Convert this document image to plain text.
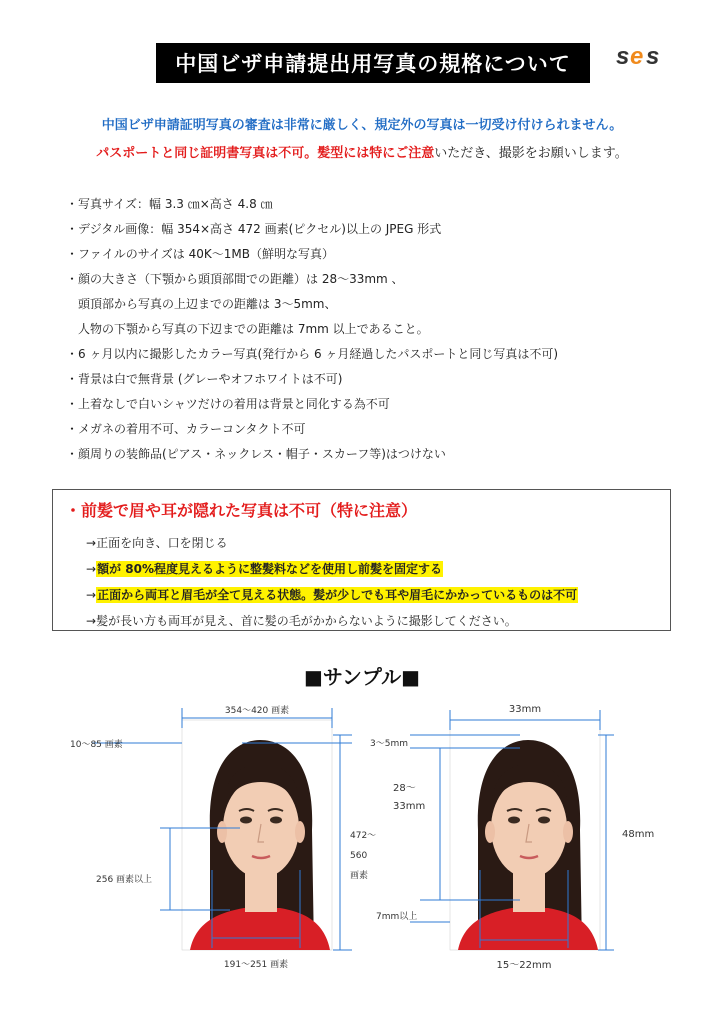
中国ビザ申請提出用写真の規格について	s e s
中国ビザ申請証明写真の審査は非常に厳しく、規定外の写真は一切受け付けられません。
パスポートと同じ証明書写真は不可。髪型には特にご注意いただき、撮影をお願いします。
・写真サイズ：幅 3.3 ㎝×高さ 4.8 ㎝
・デジタル画像：幅 354×高さ 472 画素(ピクセル)以上の JPEG 形式
・ファイルのサイズは 40K～1MB（鮮明な写真）
・顔の大きさ（下顎から頭頂部間での距離）は 28～33mm 、
頭頂部から写真の上辺までの距離は 3～5mm、
人物の下顎から写真の下辺までの距離は 7mm 以上であること。
・6 ヶ月以内に撮影したカラー写真(発行から 6 ヶ月経過したパスポートと同じ写真は不可)
・背景は白で無背景 (グレーやオフホワイトは不可)
・上着なしで白いシャツだけの着用は背景と同化する為不可
・メガネの着用不可、カラーコンタクト不可
・顔周りの装飾品(ピアス・ネックレス・帽子・スカーフ等)はつけない
・前髪で眉や耳が隠れた写真は不可（特に注意）
→正面を向き、口を閉じる
→額が 80%程度見えるように整髪料などを使用し前髪を固定する
→正面から両耳と眉毛が全て見える状態。髪が少しでも耳や眉毛にかかっているものは不可
→髪が長い方も両耳が見え、首に髪の毛がかからないように撮影してください。
■サンプル■
354～420 画素
10～85 画素
472～
560
画素
256 画素以上
191～251 画素
33mm
3～5mm
28～
33mm
48mm
7mm以上
15～22mm
